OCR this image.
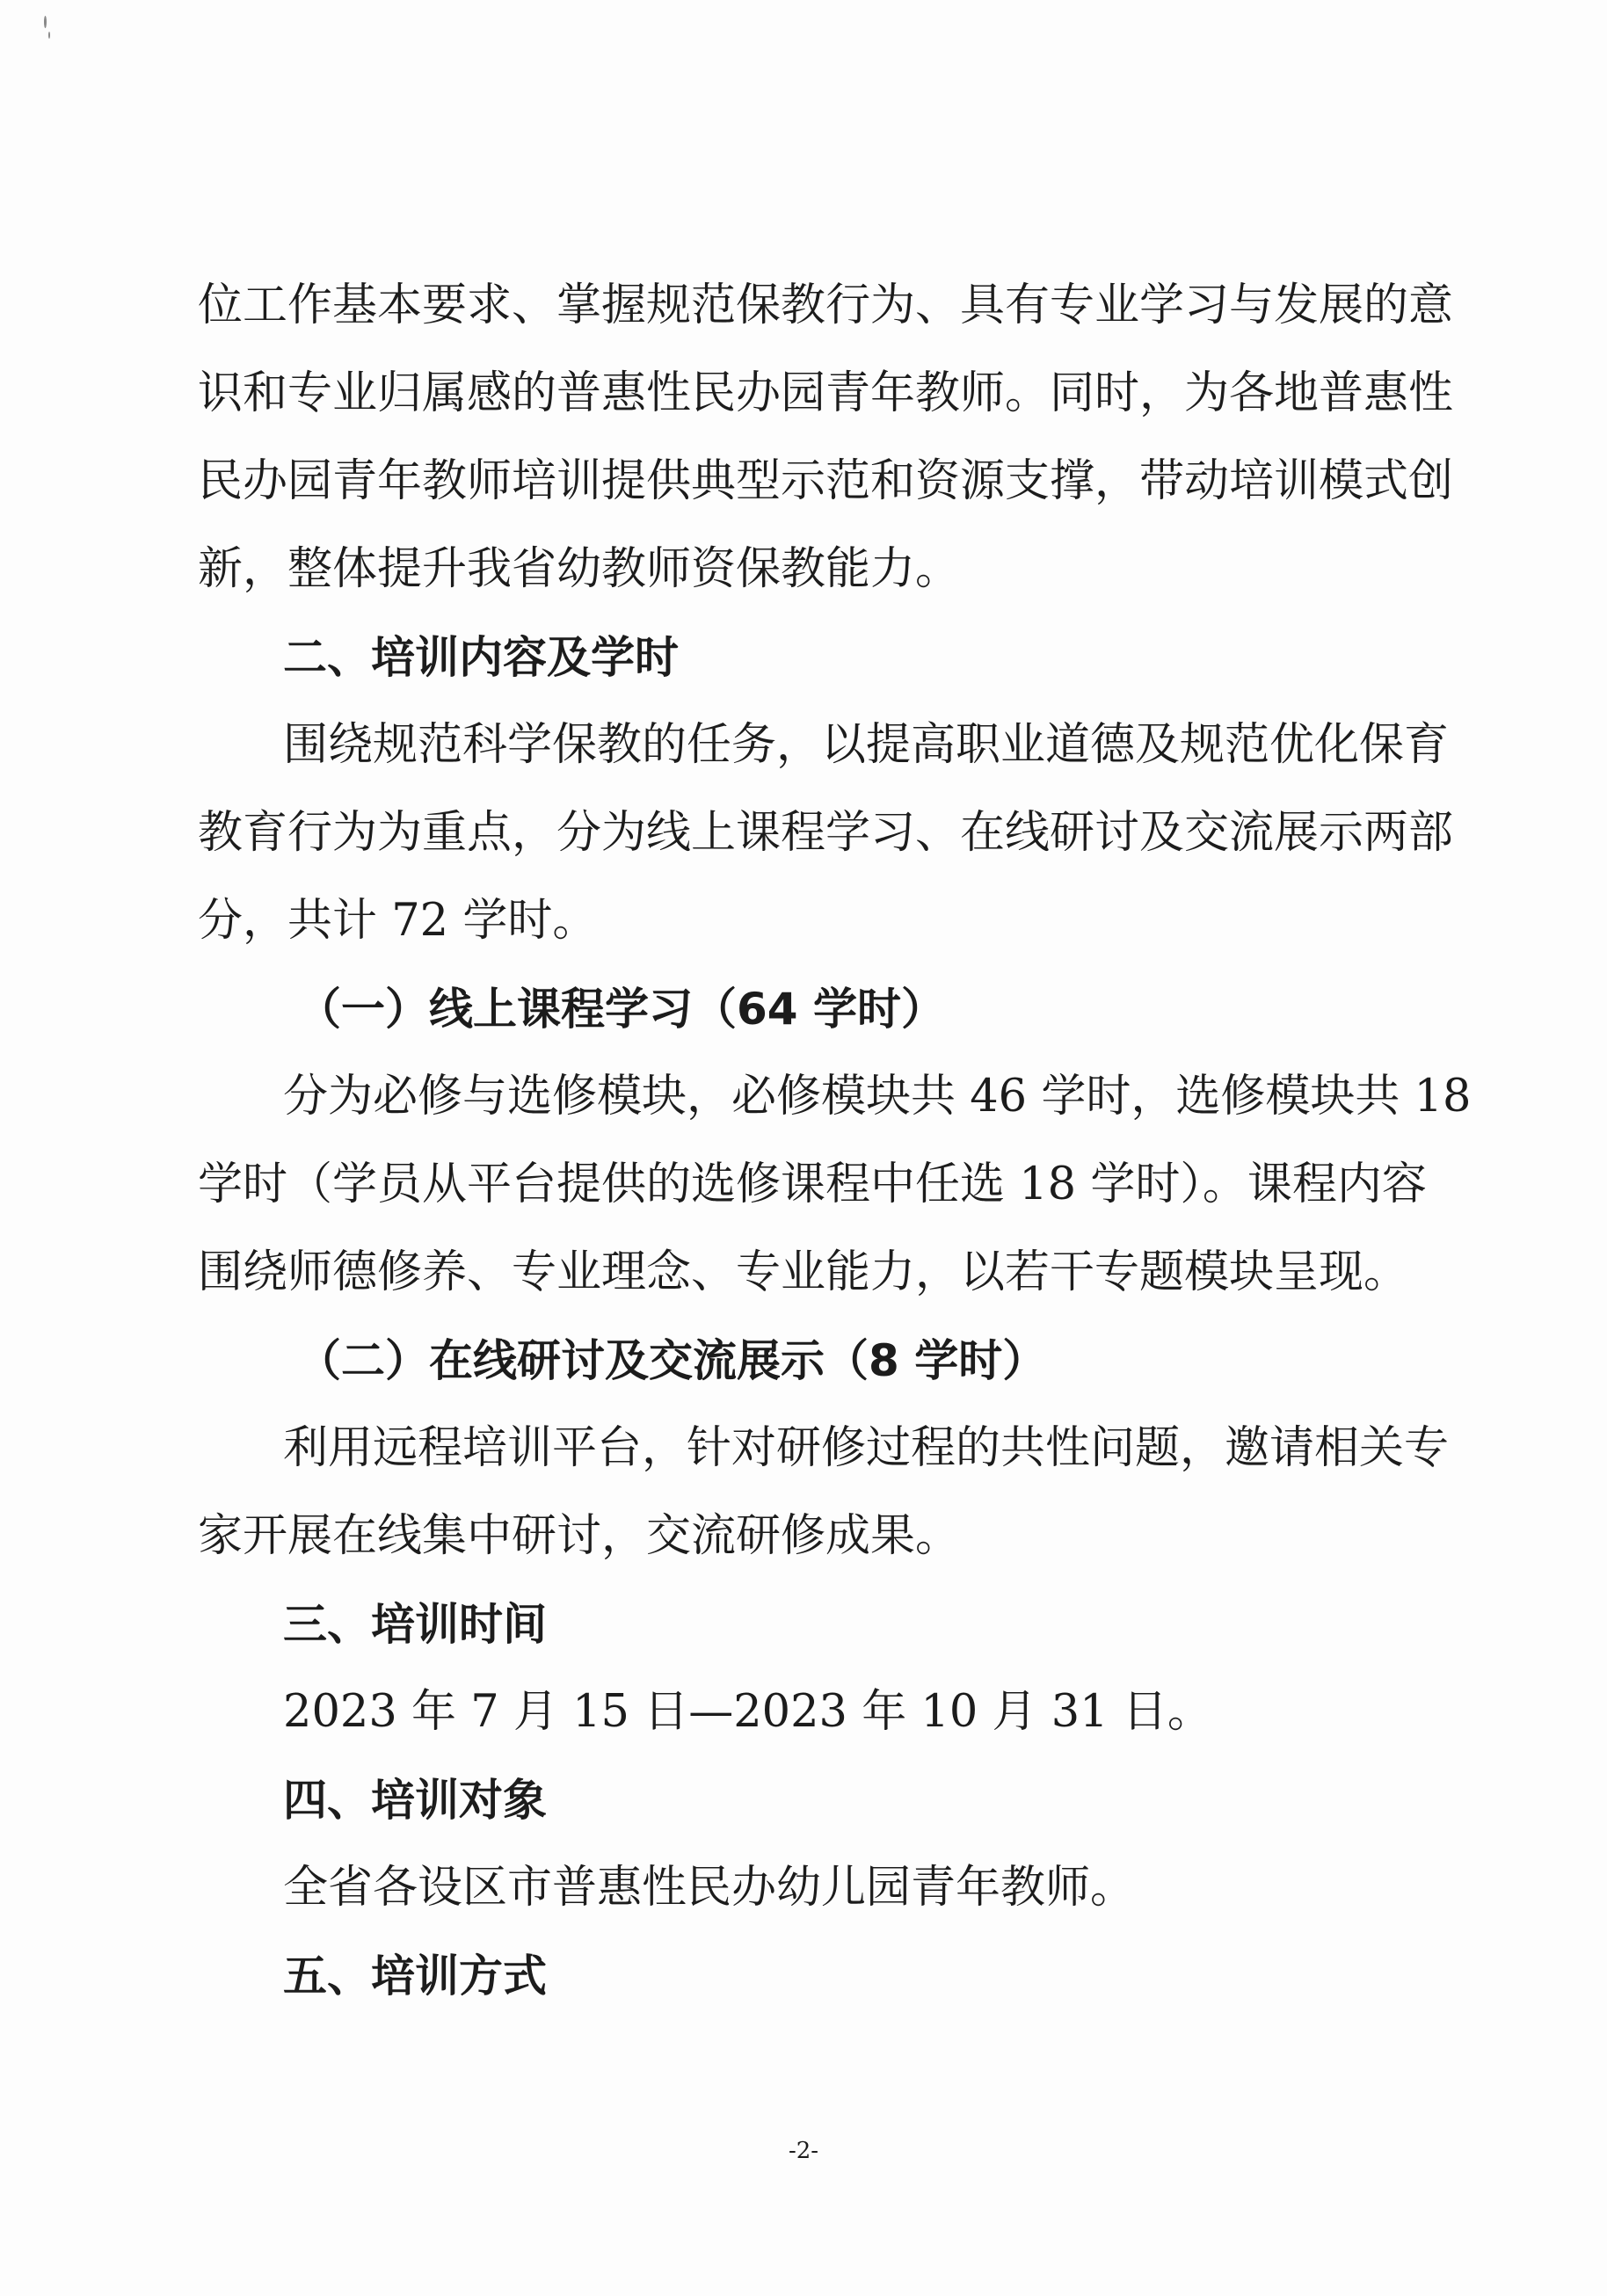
位工作基本要求、掌握规范保教行为、具有专业学习与发展的意
识和专业归属感的普惠性民办园青年教师。同时，为各地普惠性
民办园青年教师培训提供典型示范和资源支撑，带动培训模式创
新，整体提升我省幼教师资保教能力。
二、培训内容及学时
围绕规范科学保教的任务，以提高职业道德及规范优化保育
教育行为为重点，分为线上课程学习、在线研讨及交流展示两部
分，共计 72 学时。
（一）线上课程学习（64 学时）
分为必修与选修模块，必修模块共 46 学时，选修模块共 18
学时（学员从平台提供的选修课程中任选 18 学时）。课程内容
围绕师德修养、专业理念、专业能力，以若干专题模块呈现。
（二）在线研讨及交流展示（8 学时）
利用远程培训平台，针对研修过程的共性问题，邀请相关专
家开展在线集中研讨，交流研修成果。
三、培训时间
2023 年 7 月 15 日—2023 年 10 月 31 日。
四、培训对象
全省各设区市普惠性民办幼儿园青年教师。
五、培训方式
-2-
